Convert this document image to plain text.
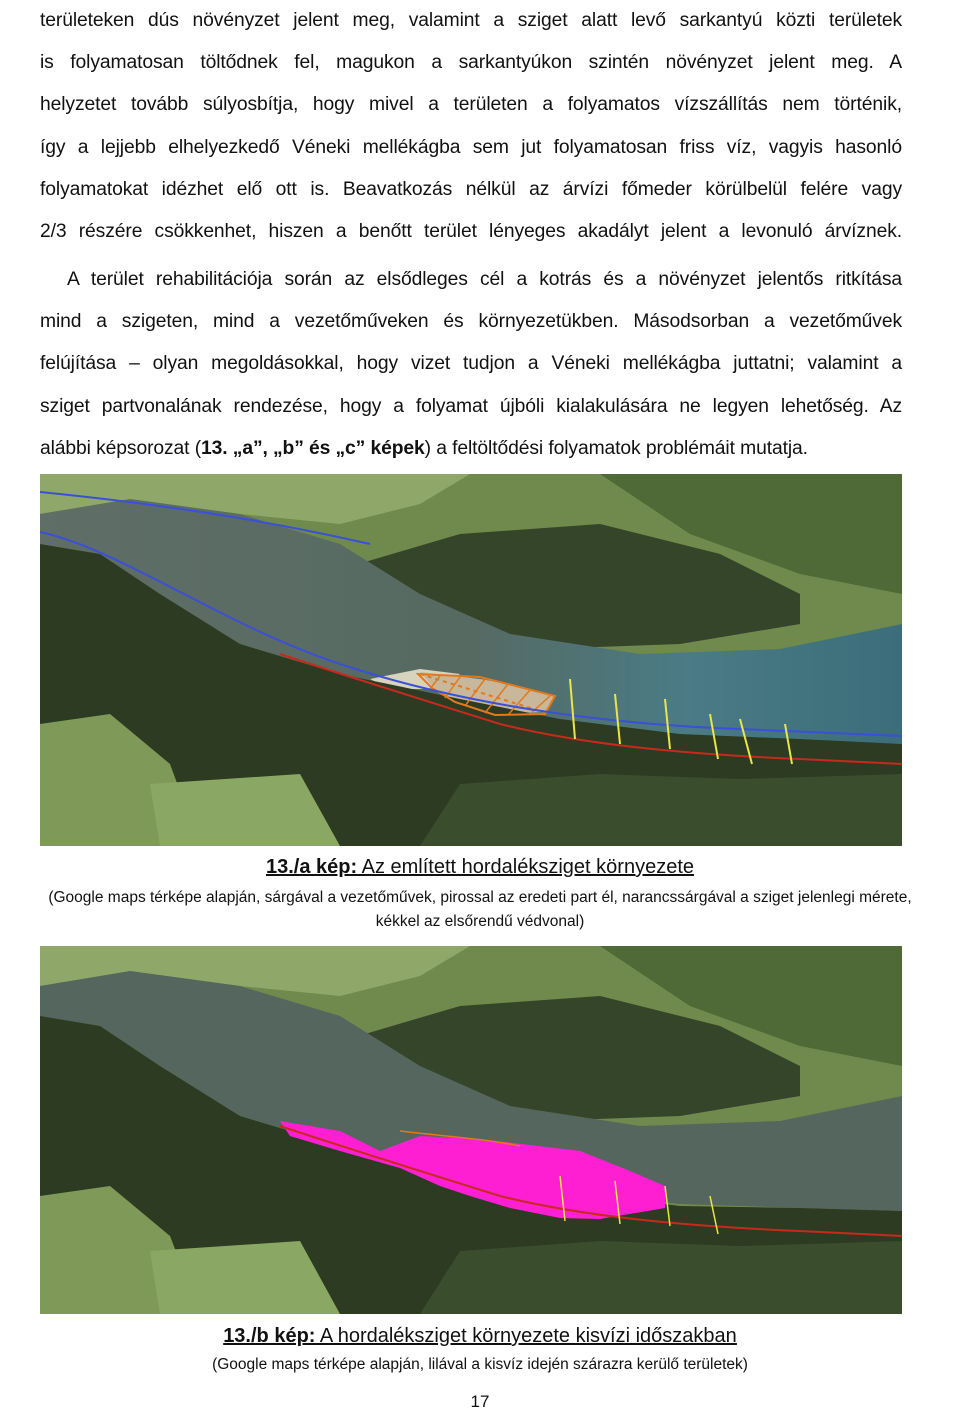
területeken dús növényzet jelent meg, valamint a sziget alatt levő sarkantyú közti területek
is folyamatosan töltődnek fel, magukon a sarkantyúkon szintén növényzet jelent meg. A
helyzetet tovább súlyosbítja, hogy mivel a területen a folyamatos vízszállítás nem történik,
így a lejjebb elhelyezkedő Véneki mellékágba sem jut folyamatosan friss víz, vagyis hasonló
folyamatokat idézhet elő ott is. Beavatkozás nélkül az árvízi főmeder körülbelül felére vagy
2/3 részére csökkenhet, hiszen a benőtt terület lényeges akadályt jelent a levonuló árvíznek.
A terület rehabilitációja során az elsődleges cél a kotrás és a növényzet jelentős ritkítása
mind a szigeten, mind a vezetőműveken és környezetükben. Másodsorban a vezetőművek
felújítása – olyan megoldásokkal, hogy vizet tudjon a Véneki mellékágba juttatni; valamint a
sziget partvonalának rendezése, hogy a folyamat újbóli kialakulására ne legyen lehetőség. Az
alábbi képsorozat (13. „a”, „b” és „c” képek) a feltöltődési folyamatok problémáit mutatja.
13./a kép: Az említett hordaléksziget környezete
(Google maps térképe alapján, sárgával a vezetőművek, pirossal az eredeti part él, narancssárgával a sziget jelenlegi mérete,
kékkel az elsőrendű védvonal)
13./b kép: A hordaléksziget környezete kisvízi időszakban
(Google maps térképe alapján, lilával a kisvíz idején szárazra kerülő területek)
17
